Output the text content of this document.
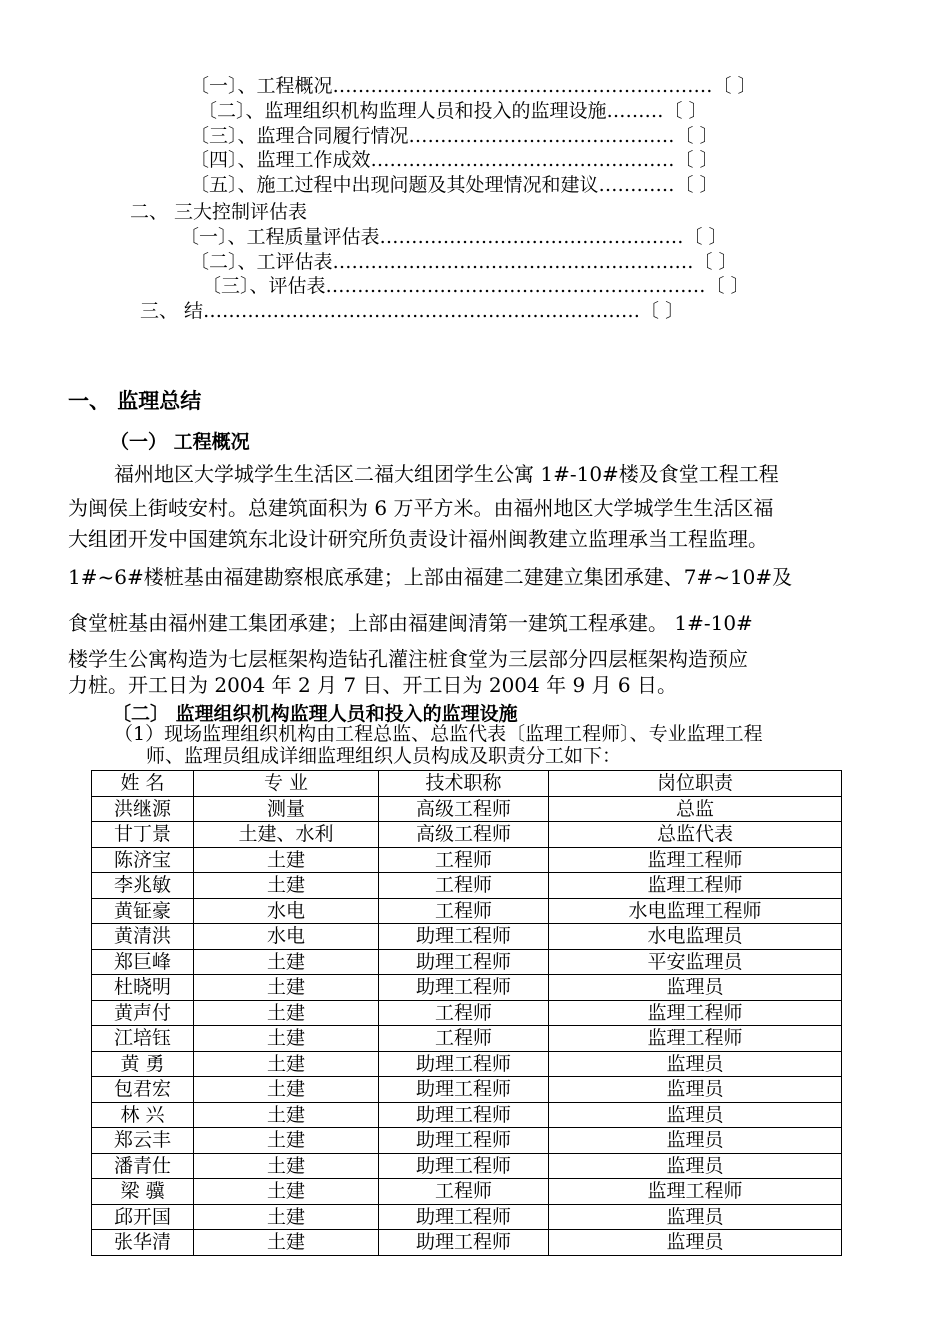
〔一〕、工程概况……………………………………………………〔 〕
〔二〕、监理组织机构监理人员和投入的监理设施………〔 〕
〔三〕、监理合同履行情况……………………………………〔 〕
〔四〕、监理工作成效…………………………………………〔 〕
〔五〕、施工过程中出现问题及其处理情况和建议…………〔 〕
二、 三大控制评估表
〔一〕、工程质量评估表…………………………………………〔 〕
〔二〕、工评估表…………………………………………………〔 〕
〔三〕、评估表……………………………………………………〔 〕
三、 结……………………………………………………………〔 〕
一、 监理总结
（一） 工程概况
福州地区大学城学生生活区二福大组团学生公寓 1#-10#楼及食堂工程工程
为闽侯上街岐安村。总建筑面积为 6 万平方米。由福州地区大学城学生生活区福
大组团开发中国建筑东北设计研究所负责设计福州闽教建立监理承当工程监理。
1#~6#楼桩基由福建勘察根底承建；上部由福建二建建立集团承建、7#~10#及
食堂桩基由福州建工集团承建；上部由福建闽清第一建筑工程承建。 1#-10#
楼学生公寓构造为七层框架构造钻孔灌注桩食堂为三层部分四层框架构造预应
力桩。开工日为 2004 年 2 月 7 日、开工日为 2004 年 9 月 6 日。
〔二〕 监理组织机构监理人员和投入的监理设施
（1）现场监理组织机构由工程总监、总监代表〔监理工程师〕、专业监理工程
师、监理员组成详细监理组织人员构成及职责分工如下：
姓 名	专 业	技术职称	岗位职责
洪继源	测量	高级工程师	总监
甘丁景	土建、水利	高级工程师	总监代表
陈济宝	土建	工程师	监理工程师
李兆敏	土建	工程师	监理工程师
黄钲豪	水电	工程师	水电监理工程师
黄清洪	水电	助理工程师	水电监理员
郑巨峰	土建	助理工程师	平安监理员
杜晓明	土建	助理工程师	监理员
黄声付	土建	工程师	监理工程师
江培钰	土建	工程师	监理工程师
黄 勇	土建	助理工程师	监理员
包君宏	土建	助理工程师	监理员
林 兴	土建	助理工程师	监理员
郑云丰	土建	助理工程师	监理员
潘青仕	土建	助理工程师	监理员
梁 骥	土建	工程师	监理工程师
邱开国	土建	助理工程师	监理员
张华清	土建	助理工程师	监理员
